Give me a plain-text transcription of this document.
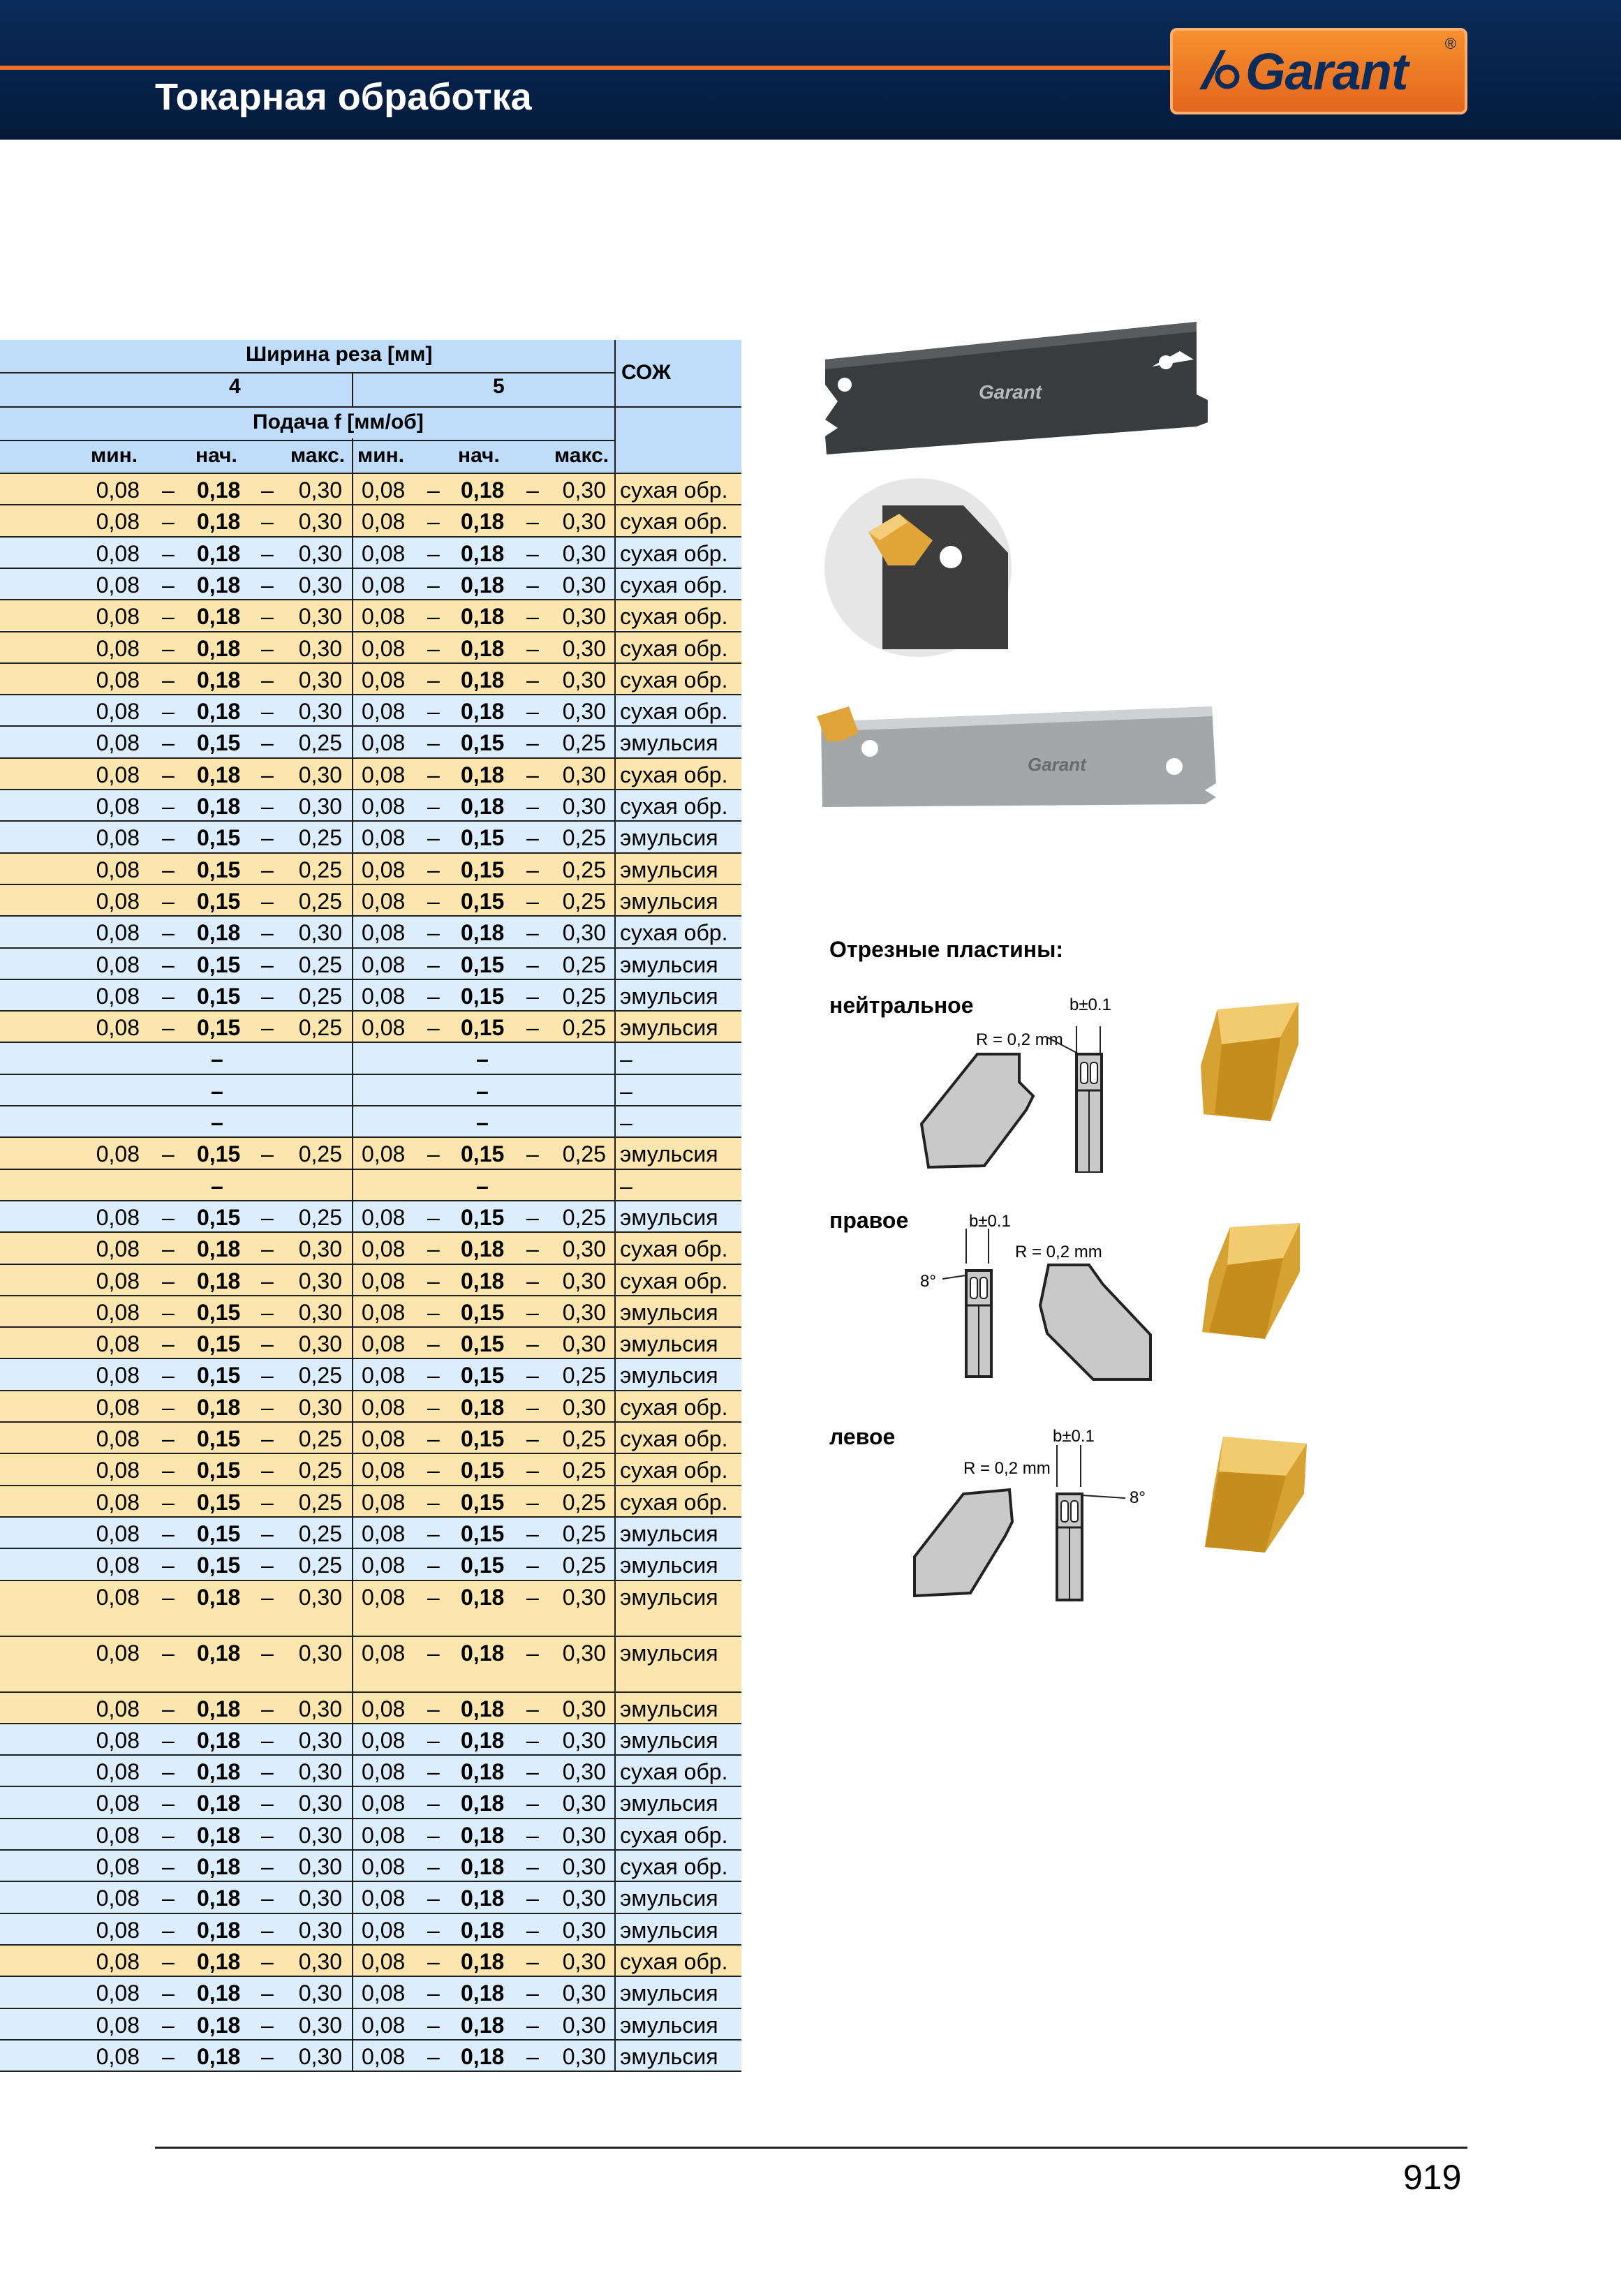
Токарная обработка	Garant ®
Ширина реза [мм]
4	5
СОЖ
Подача f [мм/об]
мин.	нач.	макс. мин.	нач.	макс.
0,08 – 0,18 – 0,30 0,08 – 0,18 – 0,30 сухая обр.
0,08 – 0,18 – 0,30 0,08 – 0,18 – 0,30 сухая обр.
0,08 – 0,18 – 0,30 0,08 – 0,18 – 0,30 сухая обр.
0,08 – 0,18 – 0,30 0,08 – 0,18 – 0,30 сухая обр.
0,08 – 0,18 – 0,30 0,08 – 0,18 – 0,30 сухая обр.
0,08 – 0,18 – 0,30 0,08 – 0,18 – 0,30 сухая обр.
0,08 – 0,18 – 0,30 0,08 – 0,18 – 0,30 сухая обр.
0,08 – 0,18 – 0,30 0,08 – 0,18 – 0,30 сухая обр.
0,08 – 0,15 – 0,25 0,08 – 0,15 – 0,25 эмульсия
0,08 – 0,18 – 0,30 0,08 – 0,18 – 0,30 сухая обр.
0,08 – 0,18 – 0,30 0,08 – 0,18 – 0,30 сухая обр.
0,08 – 0,15 – 0,25 0,08 – 0,15 – 0,25 эмульсия
0,08 – 0,15 – 0,25 0,08 – 0,15 – 0,25 эмульсия
0,08 – 0,15 – 0,25 0,08 – 0,15 – 0,25 эмульсия
0,08 – 0,18 – 0,30 0,08 – 0,18 – 0,30 сухая обр.
0,08 – 0,15 – 0,25 0,08 – 0,15 – 0,25 эмульсия
0,08 – 0,15 – 0,25 0,08 – 0,15 – 0,25 эмульсия
0,08 – 0,15 – 0,25 0,08 – 0,15 – 0,25 эмульсия
–	–	–
–	–	–
–	–	–
0,08 – 0,15 – 0,25 0,08 – 0,15 – 0,25 эмульсия
–	–	–
0,08 – 0,15 – 0,25 0,08 – 0,15 – 0,25 эмульсия
0,08 – 0,18 – 0,30 0,08 – 0,18 – 0,30 сухая обр.
0,08 – 0,18 – 0,30 0,08 – 0,18 – 0,30 сухая обр.
0,08 – 0,15 – 0,30 0,08 – 0,15 – 0,30 эмульсия
0,08 – 0,15 – 0,30 0,08 – 0,15 – 0,30 эмульсия
0,08 – 0,15 – 0,25 0,08 – 0,15 – 0,25 эмульсия
0,08 – 0,18 – 0,30 0,08 – 0,18 – 0,30 сухая обр.
0,08 – 0,15 – 0,25 0,08 – 0,15 – 0,25 сухая обр.
0,08 – 0,15 – 0,25 0,08 – 0,15 – 0,25 сухая обр.
0,08 – 0,15 – 0,25 0,08 – 0,15 – 0,25 сухая обр.
0,08 – 0,15 – 0,25 0,08 – 0,15 – 0,25 эмульсия
0,08 – 0,15 – 0,25 0,08 – 0,15 – 0,25 эмульсия
0,08 – 0,18 – 0,30 0,08 – 0,18 – 0,30 эмульсия
0,08 – 0,18 – 0,30 0,08 – 0,18 – 0,30 эмульсия
0,08 – 0,18 – 0,30 0,08 – 0,18 – 0,30 эмульсия
0,08 – 0,18 – 0,30 0,08 – 0,18 – 0,30 эмульсия
0,08 – 0,18 – 0,30 0,08 – 0,18 – 0,30 сухая обр.
0,08 – 0,18 – 0,30 0,08 – 0,18 – 0,30 эмульсия
0,08 – 0,18 – 0,30 0,08 – 0,18 – 0,30 сухая обр.
0,08 – 0,18 – 0,30 0,08 – 0,18 – 0,30 сухая обр.
0,08 – 0,18 – 0,30 0,08 – 0,18 – 0,30 эмульсия
0,08 – 0,18 – 0,30 0,08 – 0,18 – 0,30 эмульсия
0,08 – 0,18 – 0,30 0,08 – 0,18 – 0,30 сухая обр.
0,08 – 0,18 – 0,30 0,08 – 0,18 – 0,30 эмульсия
0,08 – 0,18 – 0,30 0,08 – 0,18 – 0,30 эмульсия
0,08 – 0,18 – 0,30 0,08 – 0,18 – 0,30 эмульсия
Garant
Garant
Отрезные пластины:
нейтральное	b±0.1
R = 0,2 mm
правое	b±0.1
R = 0,2 mm
8°
левое	b±0.1
R = 0,2 mm
8°
919
